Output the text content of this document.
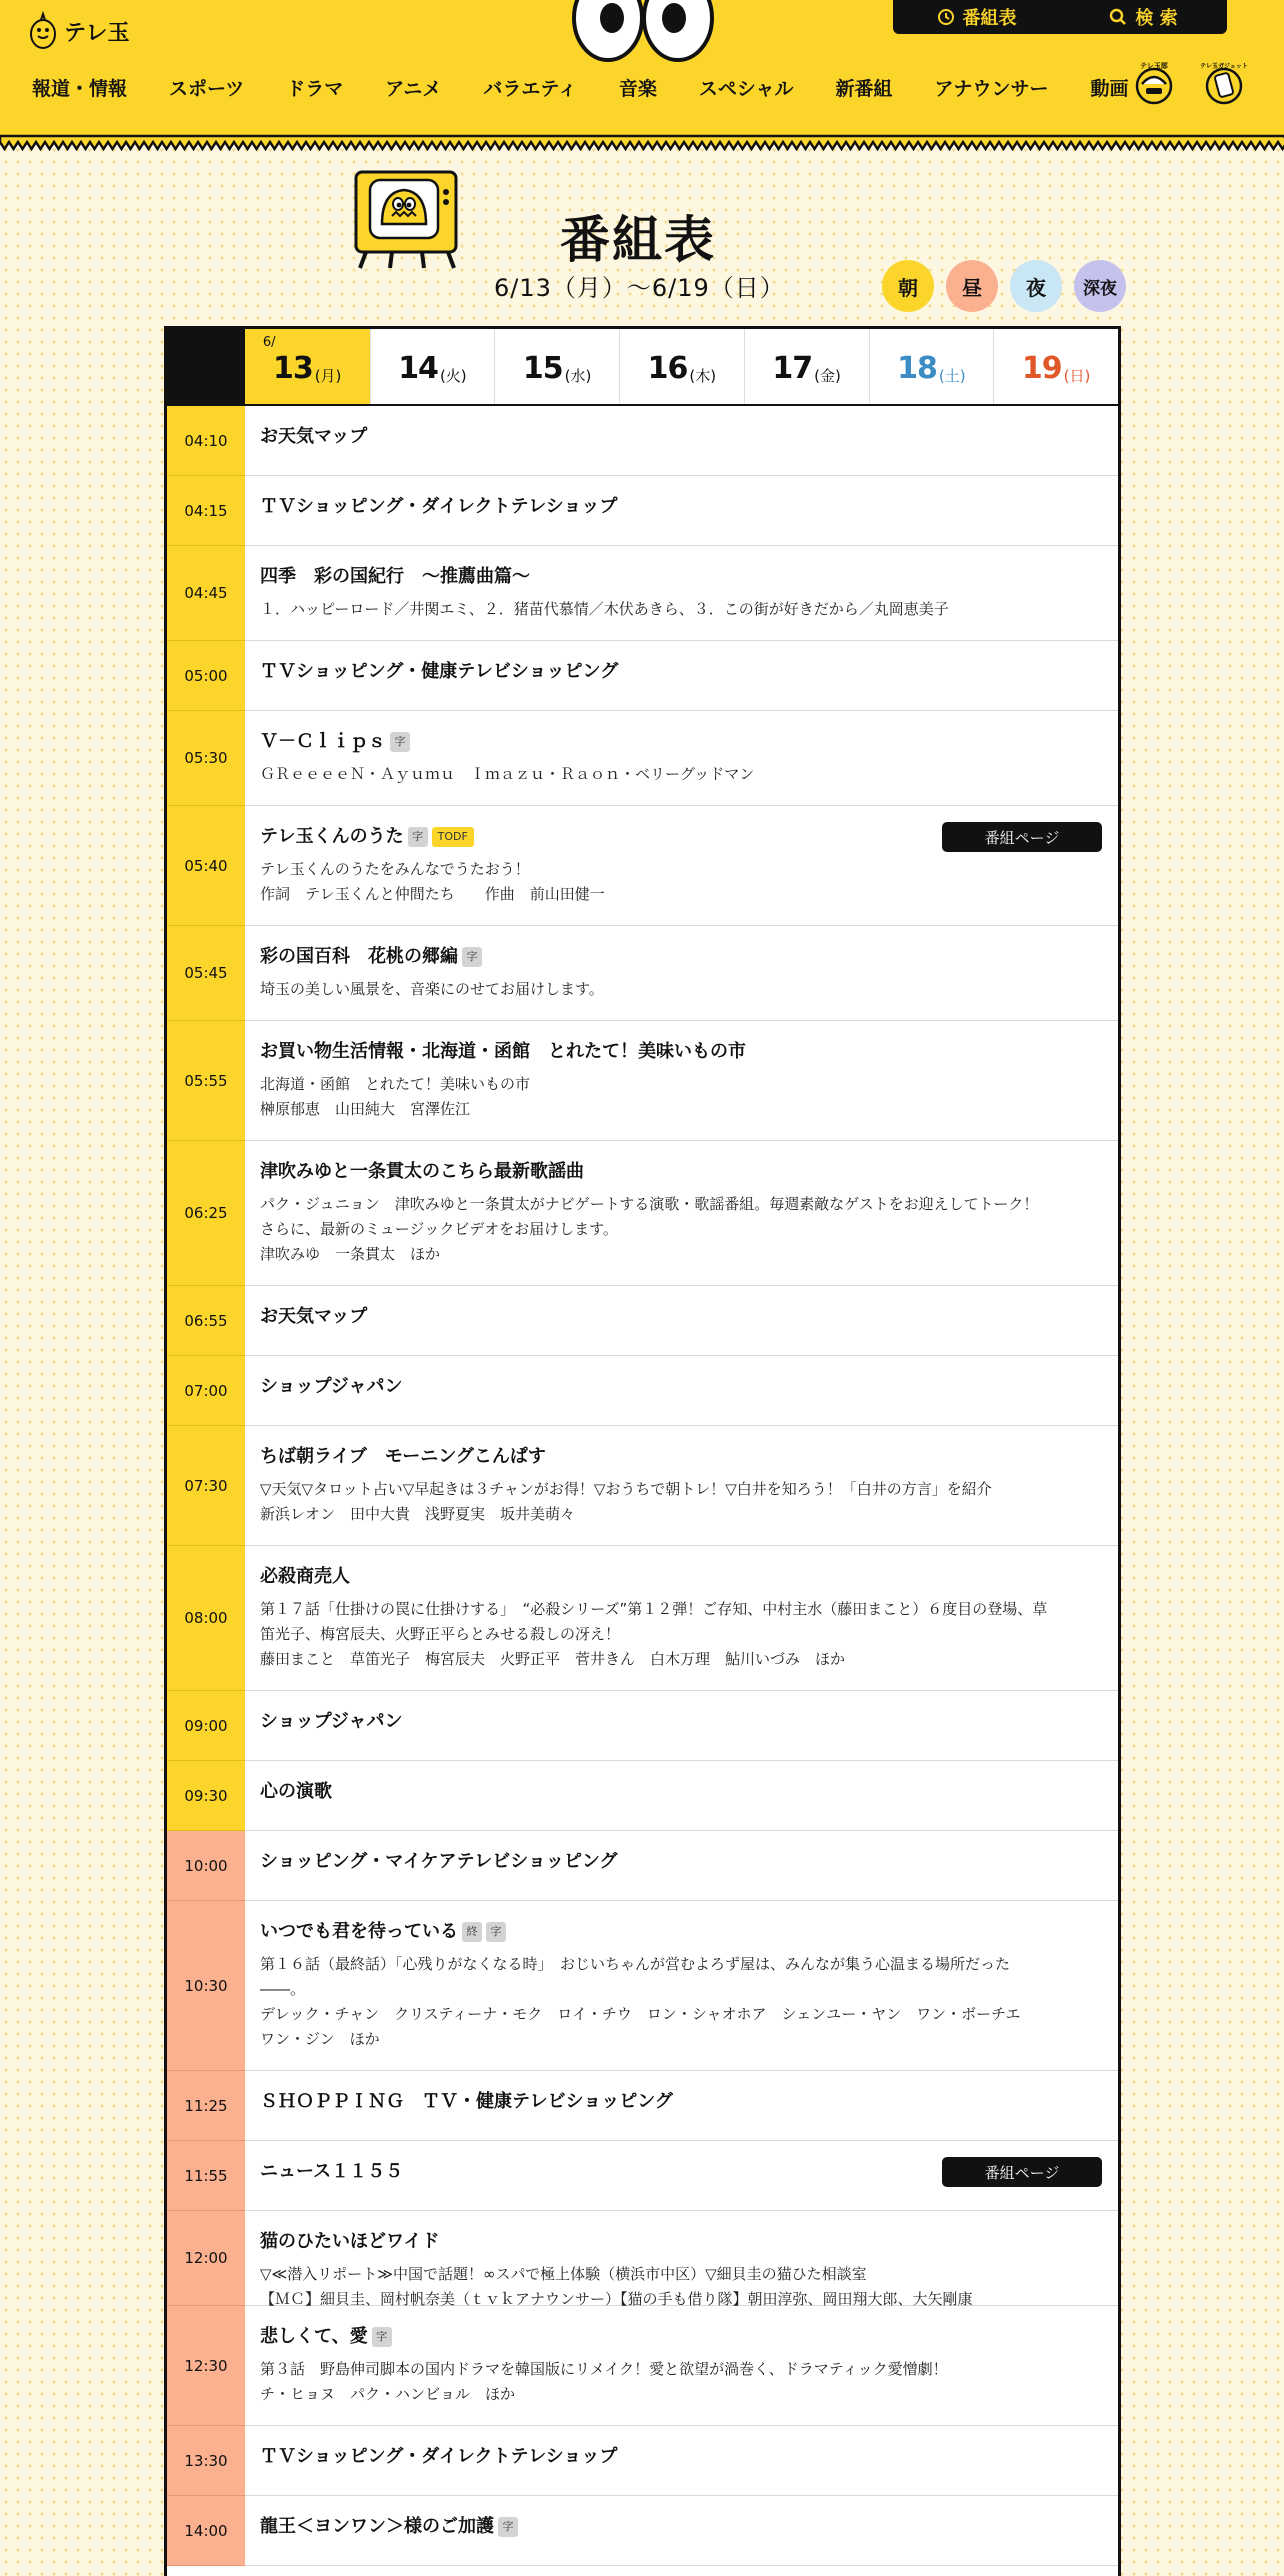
テレ玉
番組表	検 索
報道・情報 スポーツ ドラマ アニメ バラエティ 音楽 スペシャル 新番組 アナウンサー 動画
テレ玉郎	テレ玉ガジェット
番組表
6/13（月）〜6/19（日）	朝	昼	夜	深夜
6/
13 (月) 14 (火) 15 (水) 16 (木) 17 (金) 18 (土) 19 (日)
04:10	お天気マップ
04:15	ＴＶショッピング・ダイレクトテレショップ
04:45
四季　彩の国紀行　～推薦曲篇～
１．ハッピーロード／井関エミ、２．猪苗代慕情／木伏あきら、３．この街が好きだから／丸岡恵美子
05:00	ＴＶショッピング・健康テレビショッピング
05:30
Ｖ－Ｃｌｉｐｓ 字
ＧＲｅｅｅｅＮ・Ａｙｕｍｕ　Ｉｍａｚｕ・Ｒａｏｎ・ベリーグッドマン
05:40
テレ玉くんのうた 字	TODF
テレ玉くんのうたをみんなでうたおう！
作詞　テレ玉くんと仲間たち　　作曲　前山田健一
番組ページ
05:45
彩の国百科　花桃の郷編 字
埼玉の美しい風景を、音楽にのせてお届けします。
05:55
お買い物生活情報・北海道・函館　とれたて！美味いもの市
北海道・函館　とれたて！美味いもの市
榊原郁恵　山田純大　宮澤佐江
06:25
津吹みゆと一条貫太のこちら最新歌謡曲
パク・ジュニョン　津吹みゆと一条貫太がナビゲートする演歌・歌謡番組。毎週素敵なゲストをお迎えしてトーク！
さらに、最新のミュージックビデオをお届けします。
津吹みゆ　一条貫太　ほか
06:55	お天気マップ
07:00	ショップジャパン
07:30
ちば朝ライブ　モーニングこんぱす
▽天気▽タロット占い▽早起きは３チャンがお得！▽おうちで朝トレ！▽白井を知ろう！「白井の方言」を紹介
新浜レオン　田中大貴　浅野夏実　坂井美萌々
08:00
必殺商売人
第１７話「仕掛けの罠に仕掛けする」　“必殺シリーズ”第１２弾！ご存知、中村主水（藤田まこと）６度目の登場、草
笛光子、梅宮辰夫、火野正平らとみせる殺しの冴え！
藤田まこと　草笛光子　梅宮辰夫　火野正平　菅井きん　白木万理　鮎川いづみ　ほか
09:00	ショップジャパン
09:30	心の演歌
10:00	ショッピング・マイケアテレビショッピング
10:30
いつでも君を待っている 終	字
第１６話（最終話）「心残りがなくなる時」　おじいちゃんが営むよろず屋は、みんなが集う心温まる場所だった
――。
デレック・チャン　クリスティーナ・モク　ロイ・チウ　ロン・シャオホア　シェンユー・ヤン　ワン・ボーチエ
ワン・ジン　ほか
11:25	ＳＨＯＰＰＩＮＧ　ＴＶ・健康テレビショッピング
11:55	ニュース１１５５	番組ページ
12:00
猫のひたいほどワイド
▽≪潜入リポート≫中国で話題！∞スパで極上体験（横浜市中区）▽細貝圭の猫ひた相談室
【ＭＣ】細貝圭、岡村帆奈美（ｔｖｋアナウンサー）【猫の手も借り隊】朝田淳弥、岡田翔大郎、大矢剛康
12:30
悲しくて、愛 字
第３話　野島伸司脚本の国内ドラマを韓国版にリメイク！愛と欲望が渦巻く、ドラマティック愛憎劇！
チ・ヒョヌ　パク・ハンビョル　ほか
13:30	ＴＶショッピング・ダイレクトテレショップ
14:00	龍王＜ヨンワン＞様のご加護 字
